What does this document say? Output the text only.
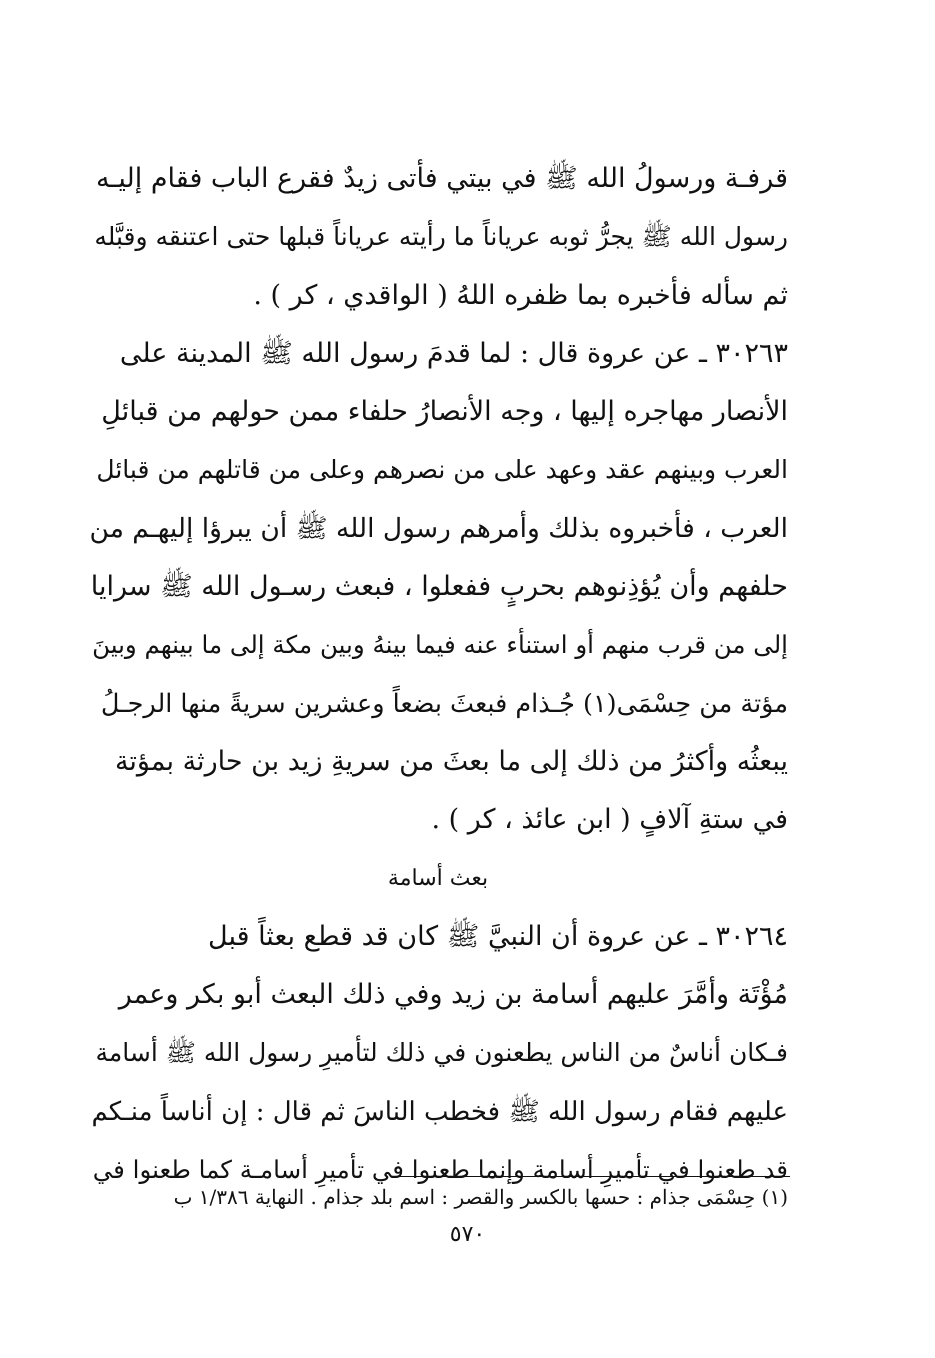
قرفـة ورسولُ الله ﷺ في بيتي فأتى زيدٌ فقرع الباب فقام إليـه
رسول الله ﷺ يجرُّ ثوبه عرياناً ما رأيته عرياناً قبلها حتى اعتنقه وقبَّله
ثم سأله فأخبره بما ظفره اللهُ ( الواقدي ، كر ) .
٣٠٢٦٣ ـ عن عروة قال : لما قدمَ رسول الله ﷺ المدينة على
الأنصار مهاجره إليها ، وجه الأنصارُ حلفاء ممن حولهم من قبائلِ
العرب وبينهم عقد وعهد على من نصرهم وعلى من قاتلهم من قبائل
العرب ، فأخبروه بذلك وأمرهم رسول الله ﷺ أن يبرؤا إليهـم من
حلفهم وأن يُؤذِنوهم بحربٍ ففعلوا ، فبعث رسـول الله ﷺ سرايا
إلى من قرب منهم أو استنأء عنه فيما بينهُ وبين مكة إلى ما بينهم وبينَ
مؤتة من حِسْمَى(١) جُـذام فبعثَ بضعاً وعشرين سريةً منها الرجـلُ
يبعثُه وأكثرُ من ذلك إلى ما بعثَ من سريةِ زيد بن حارثة بمؤتة
في ستةِ آلافٍ ( ابن عائذ ، كر ) .
بعث أسامة
٣٠٢٦٤ ـ عن عروة أن النبيَّ ﷺ كان قد قطع بعثاً قبل
مُؤْتَة وأمَّرَ عليهم أسامة بن زيد وفي ذلك البعث أبو بكر وعمر
فـكان أناسٌ من الناس يطعنون في ذلك لتأميرِ رسول الله ﷺ أسامة
عليهم فقام رسول الله ﷺ فخطب الناسَ ثم قال : إن أناساً منـكم
قد طعنوا في تأميرِ أسامة وإنما طعنوا في تأميرِ أسامـة كما طعنوا في
(١) حِسْمَى جذام : حسها بالكسر والقصر : اسم بلد جذام . النهاية ١/٣٨٦ ب
٥٧٠
